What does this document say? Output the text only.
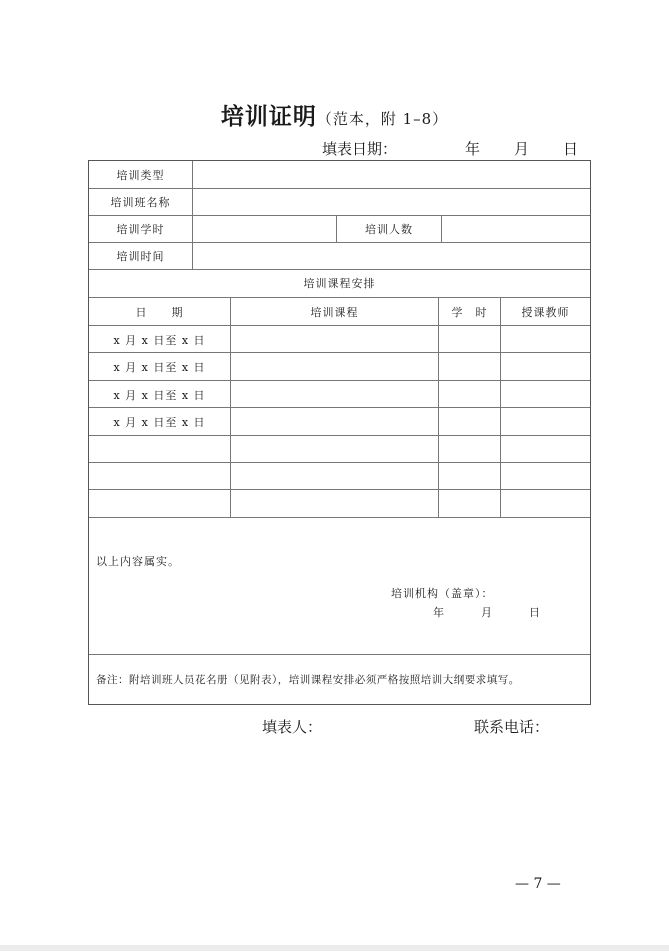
培训证明（范本，附 1–8）
填表日期：	年 月 日
培训类型
培训班名称
培训学时	培训人数
培训时间
培训课程安排
日　　期	培训课程	学　时	授课教师
x 月 x 日至 x 日
x 月 x 日至 x 日
x 月 x 日至 x 日
x 月 x 日至 x 日
以上内容属实。
培训机构（盖章）：
年	月	日
备注：附培训班人员花名册（见附表），培训课程安排必须严格按照培训大纲要求填写。
填表人：	联系电话：
— 7 —
